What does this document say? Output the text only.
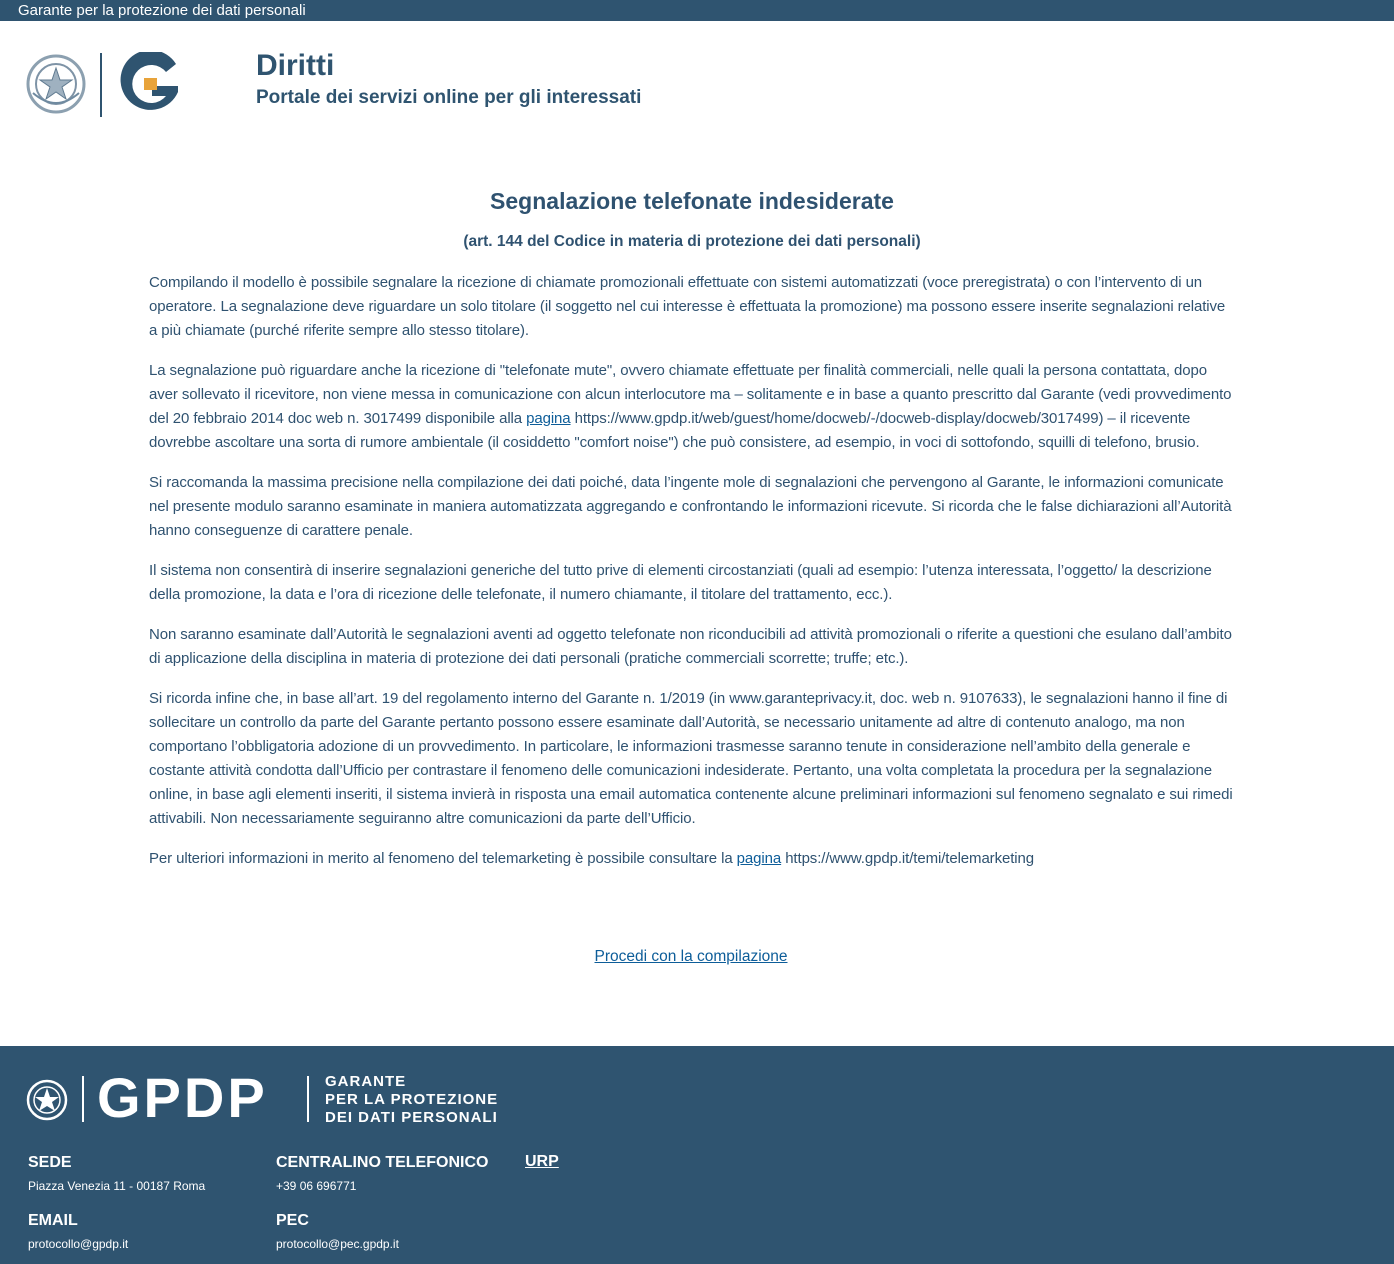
Garante per la protezione dei dati personali
Diritti
Portale dei servizi online per gli interessati
Segnalazione telefonate indesiderate
(art. 144 del Codice in materia di protezione dei dati personali)

Compilando il modello è possibile segnalare la ricezione di chiamate promozionali effettuate con sistemi automatizzati (voce preregistrata) o con l’intervento di un operatore. La segnalazione deve riguardare un solo titolare (il soggetto nel cui interesse è effettuata la promozione) ma possono essere inserite segnalazioni relative a più chiamate (purché riferite sempre allo stesso titolare).

La segnalazione può riguardare anche la ricezione di "telefonate mute", ovvero chiamate effettuate per finalità commerciali, nelle quali la persona contattata, dopo aver sollevato il ricevitore, non viene messa in comunicazione con alcun interlocutore ma – solitamente e in base a quanto prescritto dal Garante (vedi provvedimento del 20 febbraio 2014 doc web n. 3017499 disponibile alla pagina https://www.gpdp.it/web/guest/home/docweb/-/docweb-display/docweb/3017499) – il ricevente dovrebbe ascoltare una sorta di rumore ambientale (il cosiddetto "comfort noise") che può consistere, ad esempio, in voci di sottofondo, squilli di telefono, brusio.

Si raccomanda la massima precisione nella compilazione dei dati poiché, data l’ingente mole di segnalazioni che pervengono al Garante, le informazioni comunicate nel presente modulo saranno esaminate in maniera automatizzata aggregando e confrontando le informazioni ricevute. Si ricorda che le false dichiarazioni all’Autorità hanno conseguenze di carattere penale.

Il sistema non consentirà di inserire segnalazioni generiche del tutto prive di elementi circostanziati (quali ad esempio: l’utenza interessata, l’oggetto/ la descrizione della promozione, la data e l’ora di ricezione delle telefonate, il numero chiamante, il titolare del trattamento, ecc.).

Non saranno esaminate dall’Autorità le segnalazioni aventi ad oggetto telefonate non riconducibili ad attività promozionali o riferite a questioni che esulano dall’ambito di applicazione della disciplina in materia di protezione dei dati personali (pratiche commerciali scorrette; truffe; etc.).

Si ricorda infine che, in base all’art. 19 del regolamento interno del Garante n. 1/2019 (in www.garanteprivacy.it, doc. web n. 9107633), le segnalazioni hanno il fine di sollecitare un controllo da parte del Garante pertanto possono essere esaminate dall’Autorità, se necessario unitamente ad altre di contenuto analogo, ma non comportano l’obbligatoria adozione di un provvedimento. In particolare, le informazioni trasmesse saranno tenute in considerazione nell’ambito della generale e costante attività condotta dall’Ufficio per contrastare il fenomeno delle comunicazioni indesiderate. Pertanto, una volta completata la procedura per la segnalazione online, in base agli elementi inseriti, il sistema invierà in risposta una email automatica contenente alcune preliminari informazioni sul fenomeno segnalato e sui rimedi attivabili. Non necessariamente seguiranno altre comunicazioni da parte dell’Ufficio.

Per ulteriori informazioni in merito al fenomeno del telemarketing è possibile consultare la pagina https://www.gpdp.it/temi/telemarketing

Procedi con la compilazione
GPDP	GARANTE
PER LA PROTEZIONE
DEI DATI PERSONALI
SEDE
Piazza Venezia 11 - 00187 Roma
CENTRALINO TELEFONICO
+39 06 696771
URP
EMAIL
protocollo@gpdp.it
PEC
protocollo@pec.gpdp.it
